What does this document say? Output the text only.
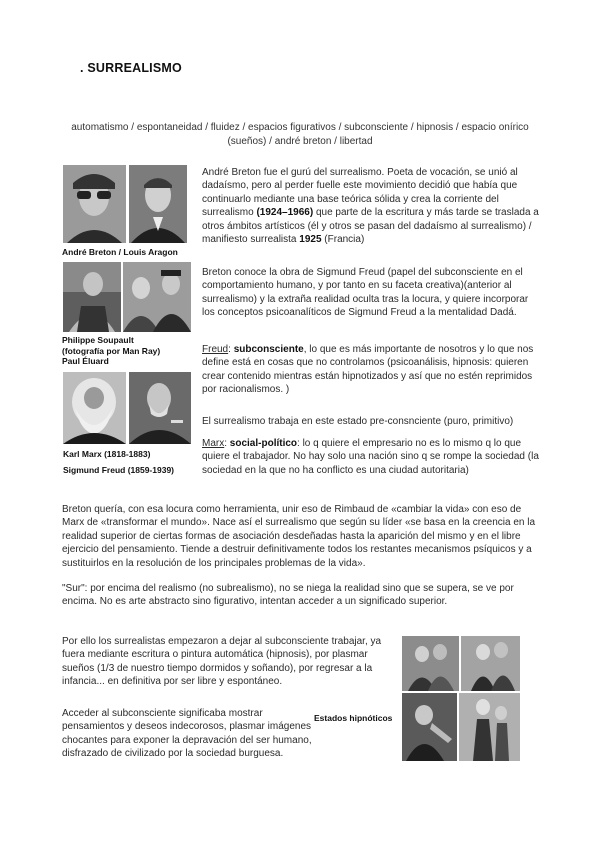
. SURREALISMO
automatismo / espontaneidad / fluidez / espacios figurativos / subconsciente / hipnosis / espacio onírico (sueños) / andré breton / libertad
André Breton / Louis Aragon
Philippe Soupault
(fotografía por Man Ray)
Paul Éluard
Karl Marx (1818-1883)
Sigmund Freud (1859-1939)
André Breton fue el gurú del surrealismo. Poeta de vocación, se unió al dadaísmo, pero al perder fuelle este movimiento decidió que había que continuarlo mediante una base teórica sólida y crea la corriente del surrealismo (1924–1966) que parte de la escritura y más tarde se traslada a otros ámbitos artísticos (él y otros se pasan del dadaísmo al surrealismo) / manifiesto surrealista 1925 (Francia)
Breton conoce la obra de Sigmund Freud (papel del subconsciente en el comportamiento humano, y por tanto en su faceta creativa)(anterior al surrealismo) y la extraña realidad oculta tras la locura, y quiere incorporar los conceptos psicoanalíticos de Sigmund Freud a la mentalidad Dadá.
Freud: subconsciente, lo que es más importante de nosotros y lo que nos define está en cosas que no controlamos (psicoanálisis, hipnosis: quieren crear contenido mientras están hipnotizados y así que no estén reprimidos por racionalismos. )
El surrealismo trabaja en este estado pre-consnciente (puro, primitivo)
Marx: social-político: lo q quiere el empresario no es lo mismo q lo que quiere el trabajador. No hay solo una nación sino q se rompe la sociedad (la sociedad en la que no ha conflicto es una ciudad autoritaria)
Breton quería, con esa locura como herramienta, unir eso de Rimbaud de «cambiar la vida» con eso de Marx de «transformar el mundo». Nace así el surrealismo que según su líder «se basa en la creencia en la realidad superior de ciertas formas de asociación desdeñadas hasta la aparición del mismo y en el libre ejercicio del pensamiento. Tiende a destruir definitivamente todos los restantes mecanismos psíquicos y a sustituirlos en la resolución de los principales problemas de la vida».
"Sur": por encima del realismo (no subrealismo), no se niega la realidad sino que se supera, se ve por encima. No es arte abstracto sino figurativo, intentan acceder a un significado superior.
Por ello los surrealistas empezaron a dejar al subconsciente trabajar, ya fuera mediante escritura o pintura automática (hipnosis), por plasmar sueños (1/3 de nuestro tiempo dormidos y soñando), por regresar a la infancia... en definitiva por ser libre y espontáneo.
Acceder al subconsciente significaba mostrar pensamientos y deseos indecorosos, plasmar imágenes chocantes para exponer la depravación del ser humano, disfrazado de civilizado por la sociedad burguesa.
Estados hipnóticos
